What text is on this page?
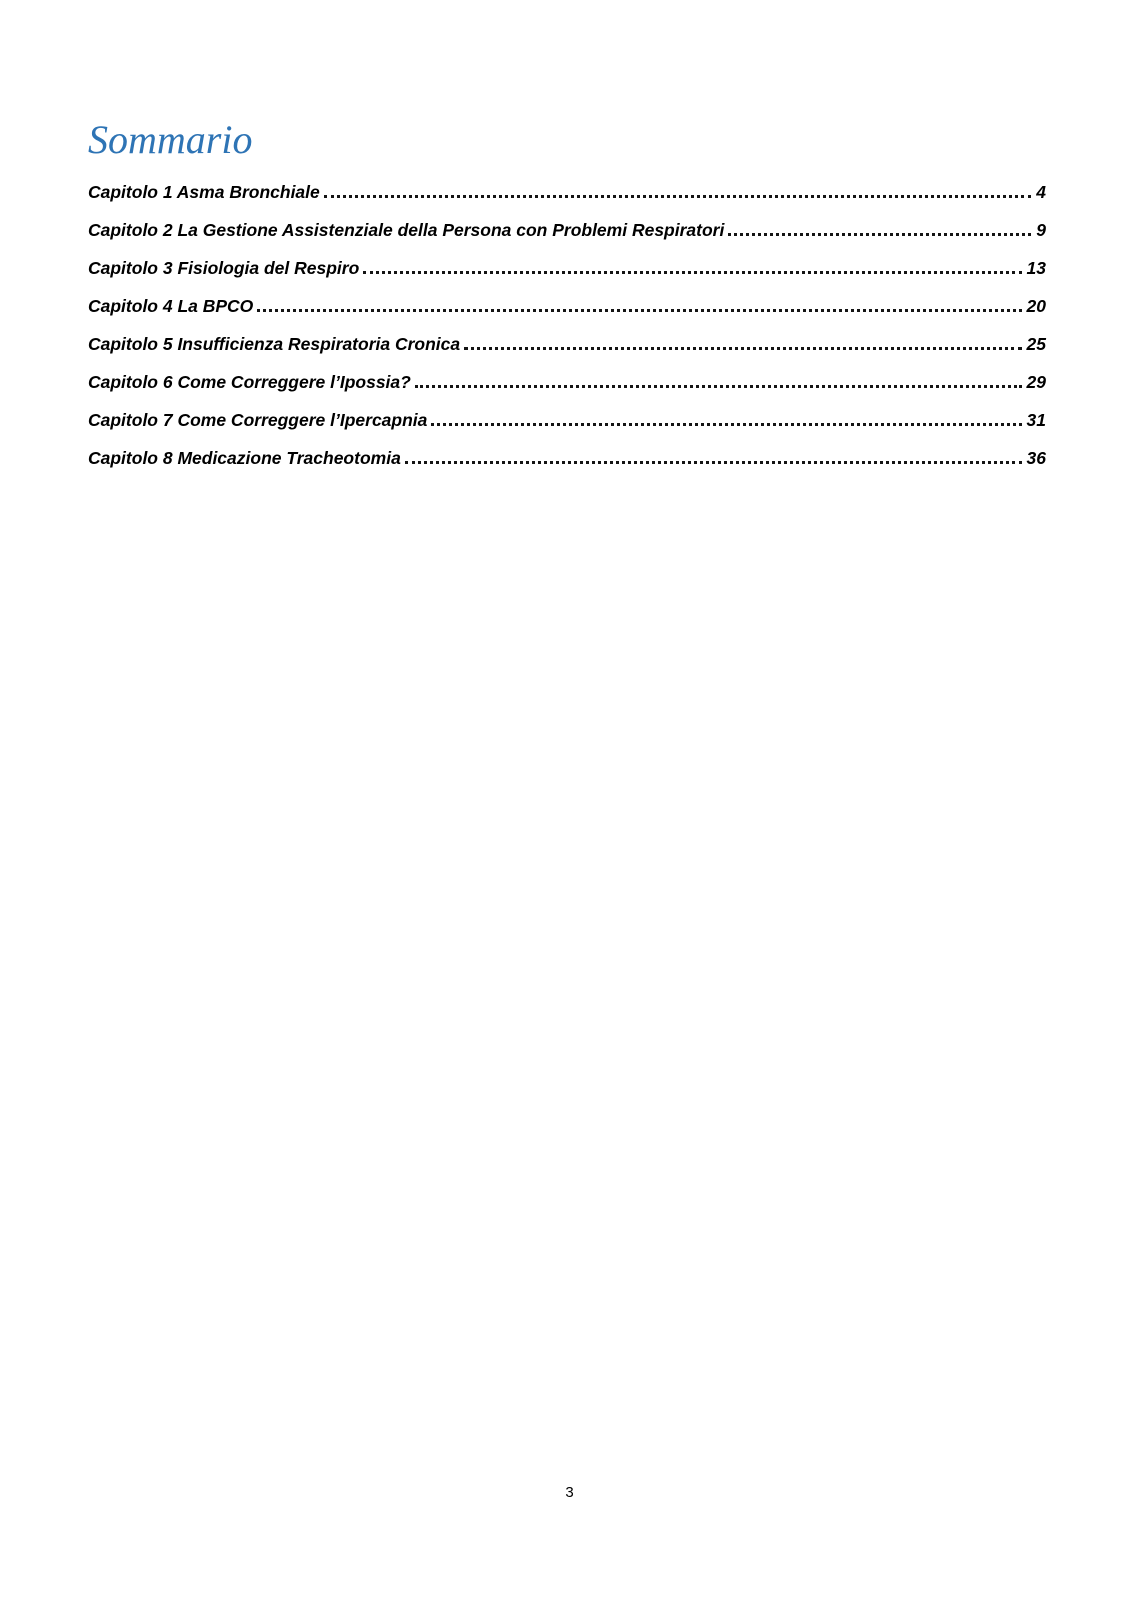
Sommario
Capitolo 1 Asma Bronchiale	4
Capitolo 2 La Gestione Assistenziale della Persona con Problemi Respiratori	9
Capitolo 3 Fisiologia del Respiro	13
Capitolo 4 La BPCO	20
Capitolo 5 Insufficienza Respiratoria Cronica	25
Capitolo 6 Come Correggere l’Ipossia?	29
Capitolo 7 Come Correggere l’Ipercapnia	31
Capitolo 8 Medicazione Tracheotomia	36
3
